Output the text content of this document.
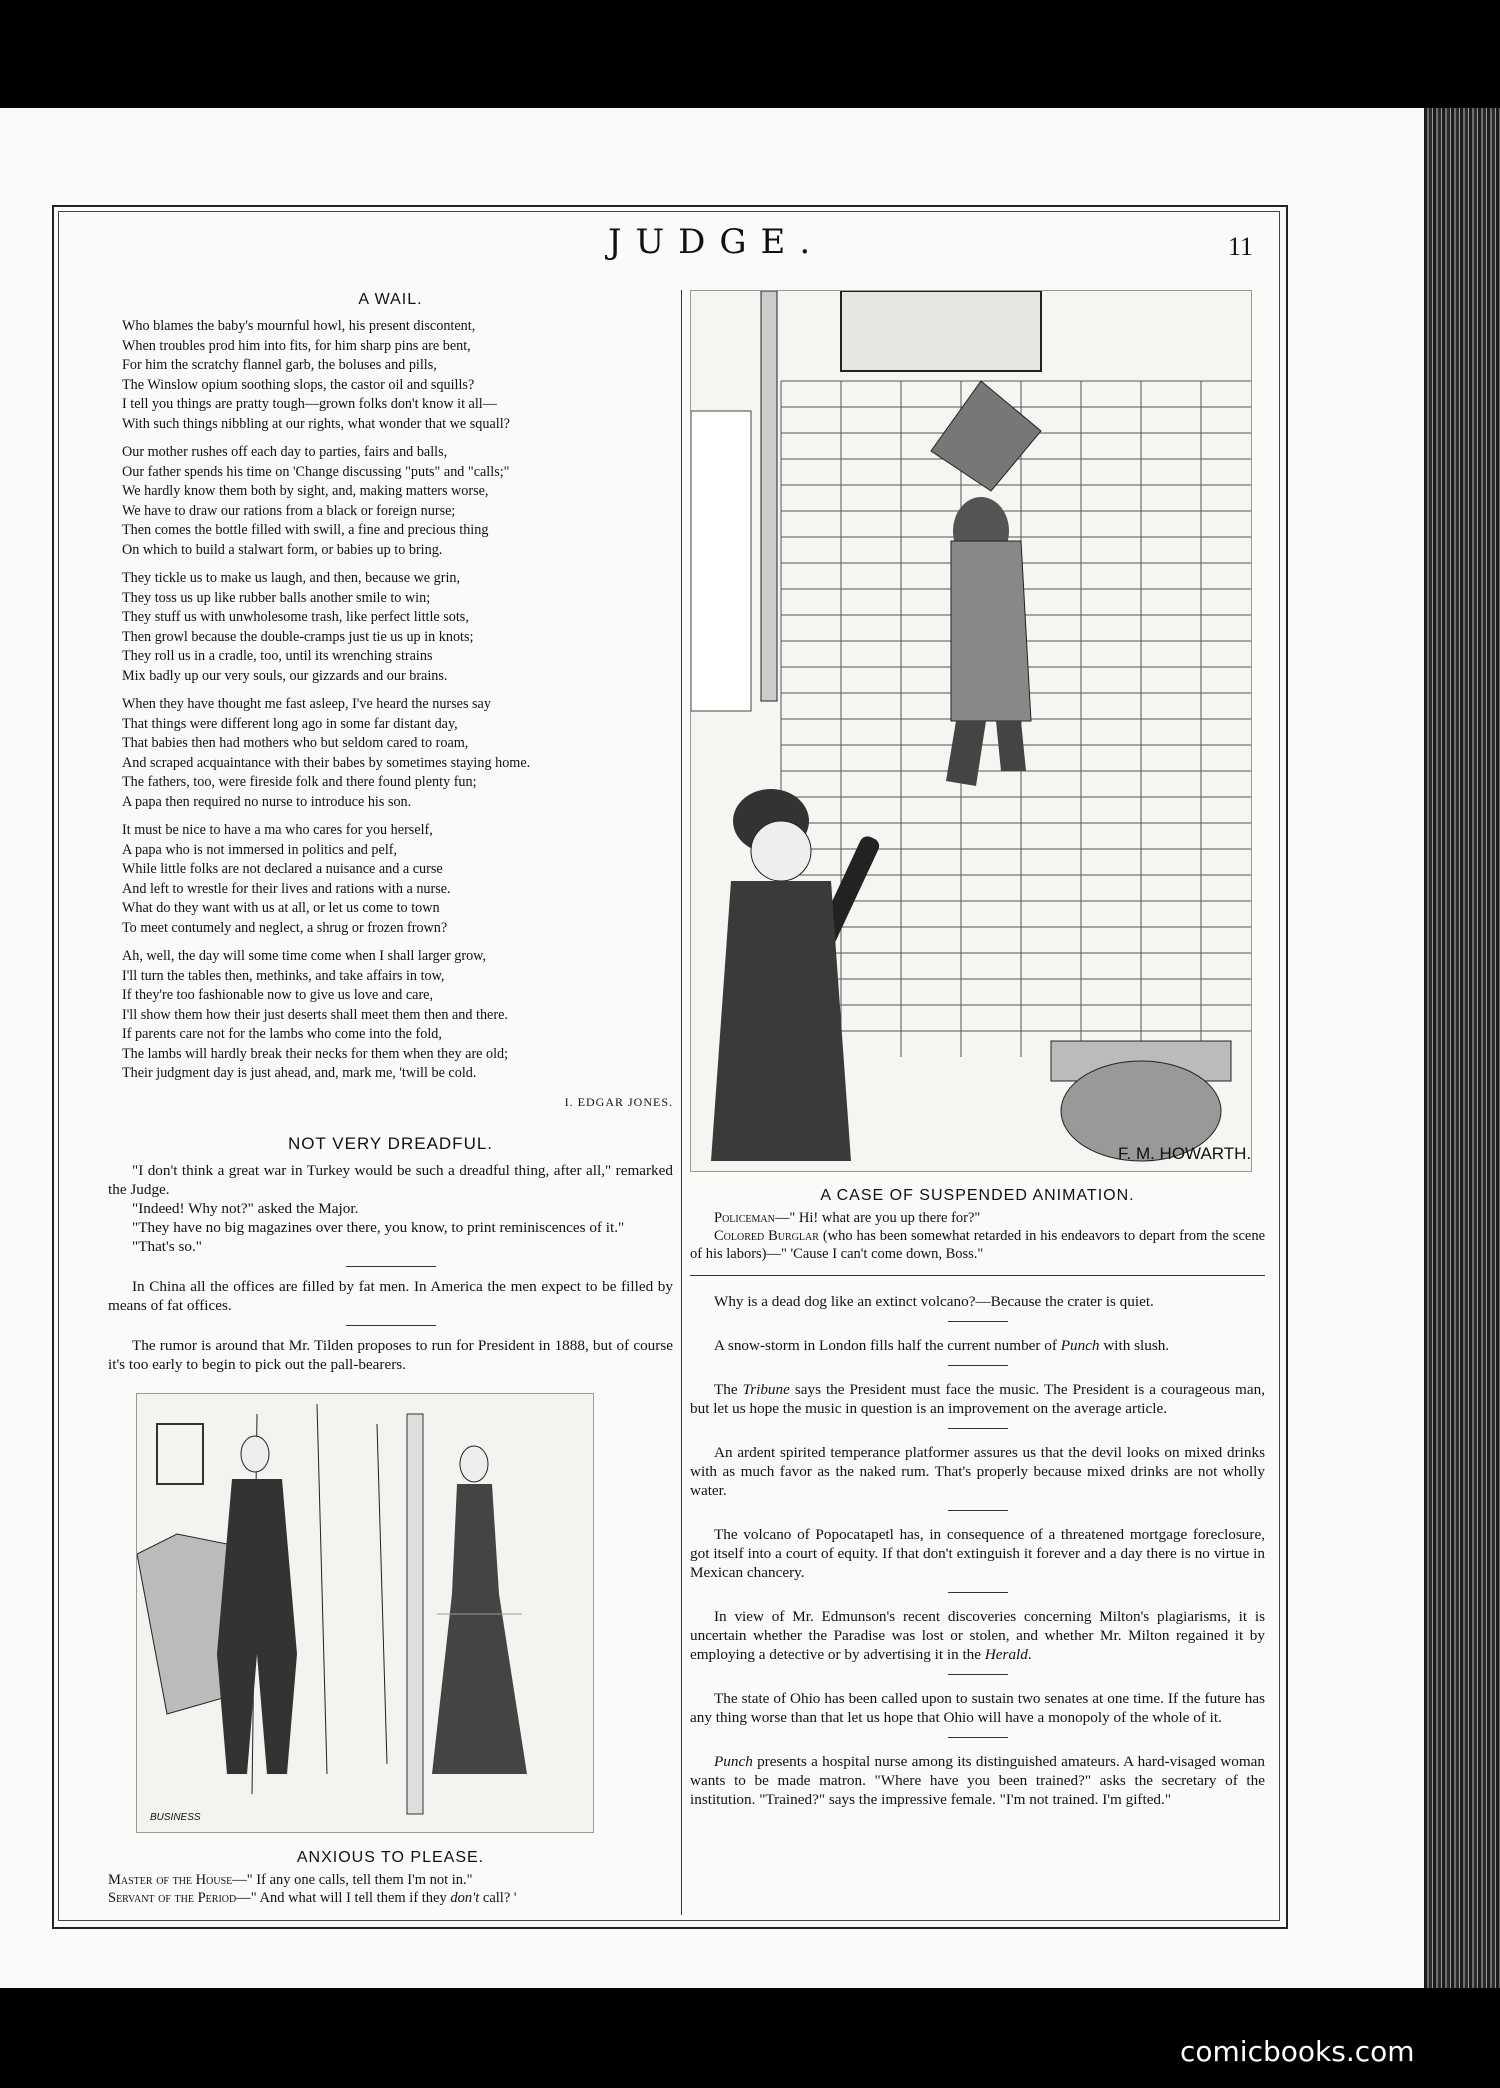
JUDGE.	11
A WAIL.
Who blames the baby's mournful howl, his present discontent,
When troubles prod him into fits, for him sharp pins are bent,
For him the scratchy flannel garb, the boluses and pills,
The Winslow opium soothing slops, the castor oil and squills?
I tell you things are pratty tough—grown folks don't know it all—
With such things nibbling at our rights, what wonder that we squall?
Our mother rushes off each day to parties, fairs and balls,
Our father spends his time on 'Change discussing "puts" and "calls;"
We hardly know them both by sight, and, making matters worse,
We have to draw our rations from a black or foreign nurse;
Then comes the bottle filled with swill, a fine and precious thing
On which to build a stalwart form, or babies up to bring.
They tickle us to make us laugh, and then, because we grin,
They toss us up like rubber balls another smile to win;
They stuff us with unwholesome trash, like perfect little sots,
Then growl because the double-cramps just tie us up in knots;
They roll us in a cradle, too, until its wrenching strains
Mix badly up our very souls, our gizzards and our brains.
When they have thought me fast asleep, I've heard the nurses say
That things were different long ago in some far distant day,
That babies then had mothers who but seldom cared to roam,
And scraped acquaintance with their babes by sometimes staying home.
The fathers, too, were fireside folk and there found plenty fun;
A papa then required no nurse to introduce his son.
It must be nice to have a ma who cares for you herself,
A papa who is not immersed in politics and pelf,
While little folks are not declared a nuisance and a curse
And left to wrestle for their lives and rations with a nurse.
What do they want with us at all, or let us come to town
To meet contumely and neglect, a shrug or frozen frown?
Ah, well, the day will some time come when I shall larger grow,
I'll turn the tables then, methinks, and take affairs in tow,
If they're too fashionable now to give us love and care,
I'll show them how their just deserts shall meet them then and there.
If parents care not for the lambs who come into the fold,
The lambs will hardly break their necks for them when they are old;
Their judgment day is just ahead, and, mark me, 'twill be cold.
I. EDGAR JONES.
NOT VERY DREADFUL.

"I don't think a great war in Turkey would be such a dreadful thing, after all," remarked the Judge.

"Indeed! Why not?" asked the Major.

"They have no big magazines over there, you know, to print reminiscences of it."

"That's so."

In China all the offices are filled by fat men. In America the men expect to be filled by means of fat offices.

The rumor is around that Mr. Tilden proposes to run for President in 1888, but of course it's too early to begin to pick out the pall-bearers.

BUSINESS
ANXIOUS TO PLEASE.

Master of the House—" If any one calls, tell them I'm not in."

Servant of the Period—" And what will I tell them if they don't call? '

F. M. HOWARTH.
A CASE OF SUSPENDED ANIMATION.

Policeman—" Hi! what are you up there for?"

Colored Burglar (who has been somewhat retarded in his endeavors to depart from the scene of his labors)—" 'Cause I can't come down, Boss."

Why is a dead dog like an extinct volcano?—Because the crater is quiet.

A snow-storm in London fills half the current number of Punch with slush.

The Tribune says the President must face the music. The President is a courageous man, but let us hope the music in question is an improvement on the average article.

An ardent spirited temperance platformer assures us that the devil looks on mixed drinks with as much favor as the naked rum. That's properly because mixed drinks are not wholly water.

The volcano of Popocatapetl has, in consequence of a threatened mortgage foreclosure, got itself into a court of equity. If that don't extinguish it forever and a day there is no virtue in Mexican chancery.

In view of Mr. Edmunson's recent discoveries concerning Milton's plagiarisms, it is uncertain whether the Paradise was lost or stolen, and whether Mr. Milton regained it by employing a detective or by advertising it in the Herald.

The state of Ohio has been called upon to sustain two senates at one time. If the future has any thing worse than that let us hope that Ohio will have a monopoly of the whole of it.

Punch presents a hospital nurse among its distinguished amateurs. A hard-visaged woman wants to be made matron. "Where have you been trained?" asks the secretary of the institution. "Trained?" says the impressive female. "I'm not trained. I'm gifted."

comicbooks.com
